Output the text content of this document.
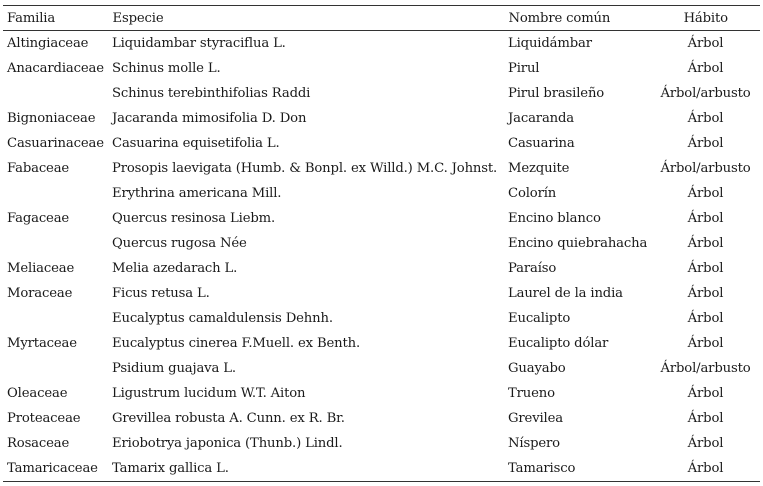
Familia	Especie	Nombre común	Hábito
Altingiaceae	Liquidambar styraciflua L.	Liquidámbar	Árbol
Anacardiaceae	Schinus molle L.	Pirul	Árbol
	Schinus terebinthifolias Raddi	Pirul brasileño	Árbol/arbusto
Bignoniaceae	Jacaranda mimosifolia D. Don	Jacaranda	Árbol
Casuarinaceae	Casuarina equisetifolia L.	Casuarina	Árbol
Fabaceae	Prosopis laevigata (Humb. & Bonpl. ex Willd.) M.C. Johnst.	Mezquite	Árbol/arbusto
	Erythrina americana Mill.	Colorín	Árbol
Fagaceae	Quercus resinosa Liebm.	Encino blanco	Árbol
	Quercus rugosa Née	Encino quiebrahacha	Árbol
Meliaceae	Melia azedarach L.	Paraíso	Árbol
Moraceae	Ficus retusa L.	Laurel de la india	Árbol
	Eucalyptus camaldulensis Dehnh.	Eucalipto	Árbol
Myrtaceae	Eucalyptus cinerea F.Muell. ex Benth.	Eucalipto dólar	Árbol
	Psidium guajava L.	Guayabo	Árbol/arbusto
Oleaceae	Ligustrum lucidum W.T. Aiton	Trueno	Árbol
Proteaceae	Grevillea robusta A. Cunn. ex R. Br.	Grevilea	Árbol
Rosaceae	Eriobotrya japonica (Thunb.) Lindl.	Níspero	Árbol
Tamaricaceae	Tamarix gallica L.	Tamarisco	Árbol
